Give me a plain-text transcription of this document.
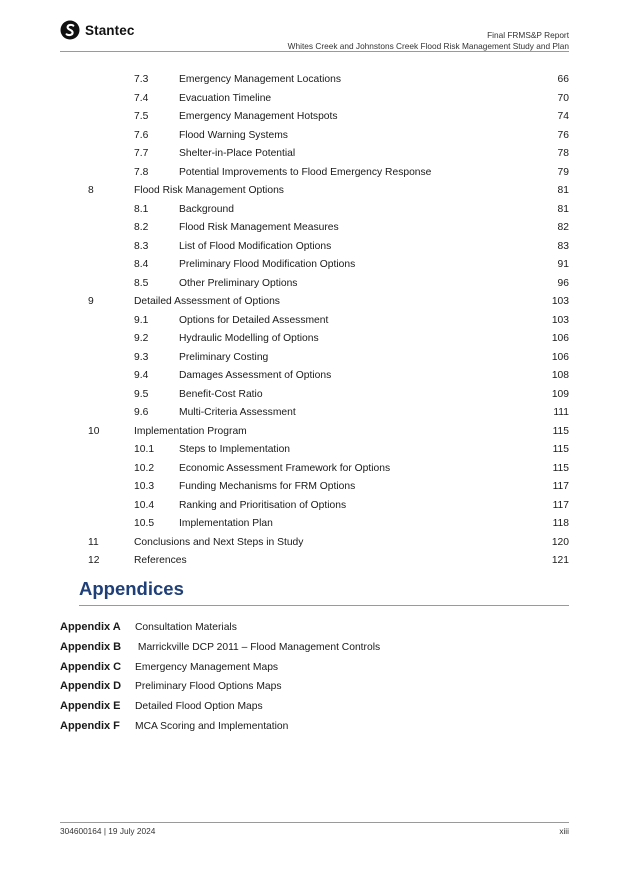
Stantec	Final FRMS&P Report
Whites Creek and Johnstons Creek Flood Risk Management Study and Plan
7.3	Emergency Management Locations	66
7.4	Evacuation Timeline	70
7.5	Emergency Management Hotspots	74
7.6	Flood Warning Systems	76
7.7	Shelter-in-Place Potential	78
7.8	Potential Improvements to Flood Emergency Response	79
8	Flood Risk Management Options	81
8.1	Background	81
8.2	Flood Risk Management Measures	82
8.3	List of Flood Modification Options	83
8.4	Preliminary Flood Modification Options	91
8.5	Other Preliminary Options	96
9	Detailed Assessment of Options	103
9.1	Options for Detailed Assessment	103
9.2	Hydraulic Modelling of Options	106
9.3	Preliminary Costing	106
9.4	Damages Assessment of Options	108
9.5	Benefit-Cost Ratio	109
9.6	Multi-Criteria Assessment	111
10	Implementation Program	115
10.1 Steps to Implementation	115
10.2 Economic Assessment Framework for Options	115
10.3 Funding Mechanisms for FRM Options	117
10.4 Ranking and Prioritisation of Options	117
10.5 Implementation Plan	118
11	Conclusions and Next Steps in Study	120
12	References	121
Appendices
Appendix A Consultation Materials
Appendix B Marrickville DCP 2011 – Flood Management Controls
Appendix C Emergency Management Maps
Appendix D Preliminary Flood Options Maps
Appendix E Detailed Flood Option Maps
Appendix F MCA Scoring and Implementation
304600164 | 19 July 2024	xiii
